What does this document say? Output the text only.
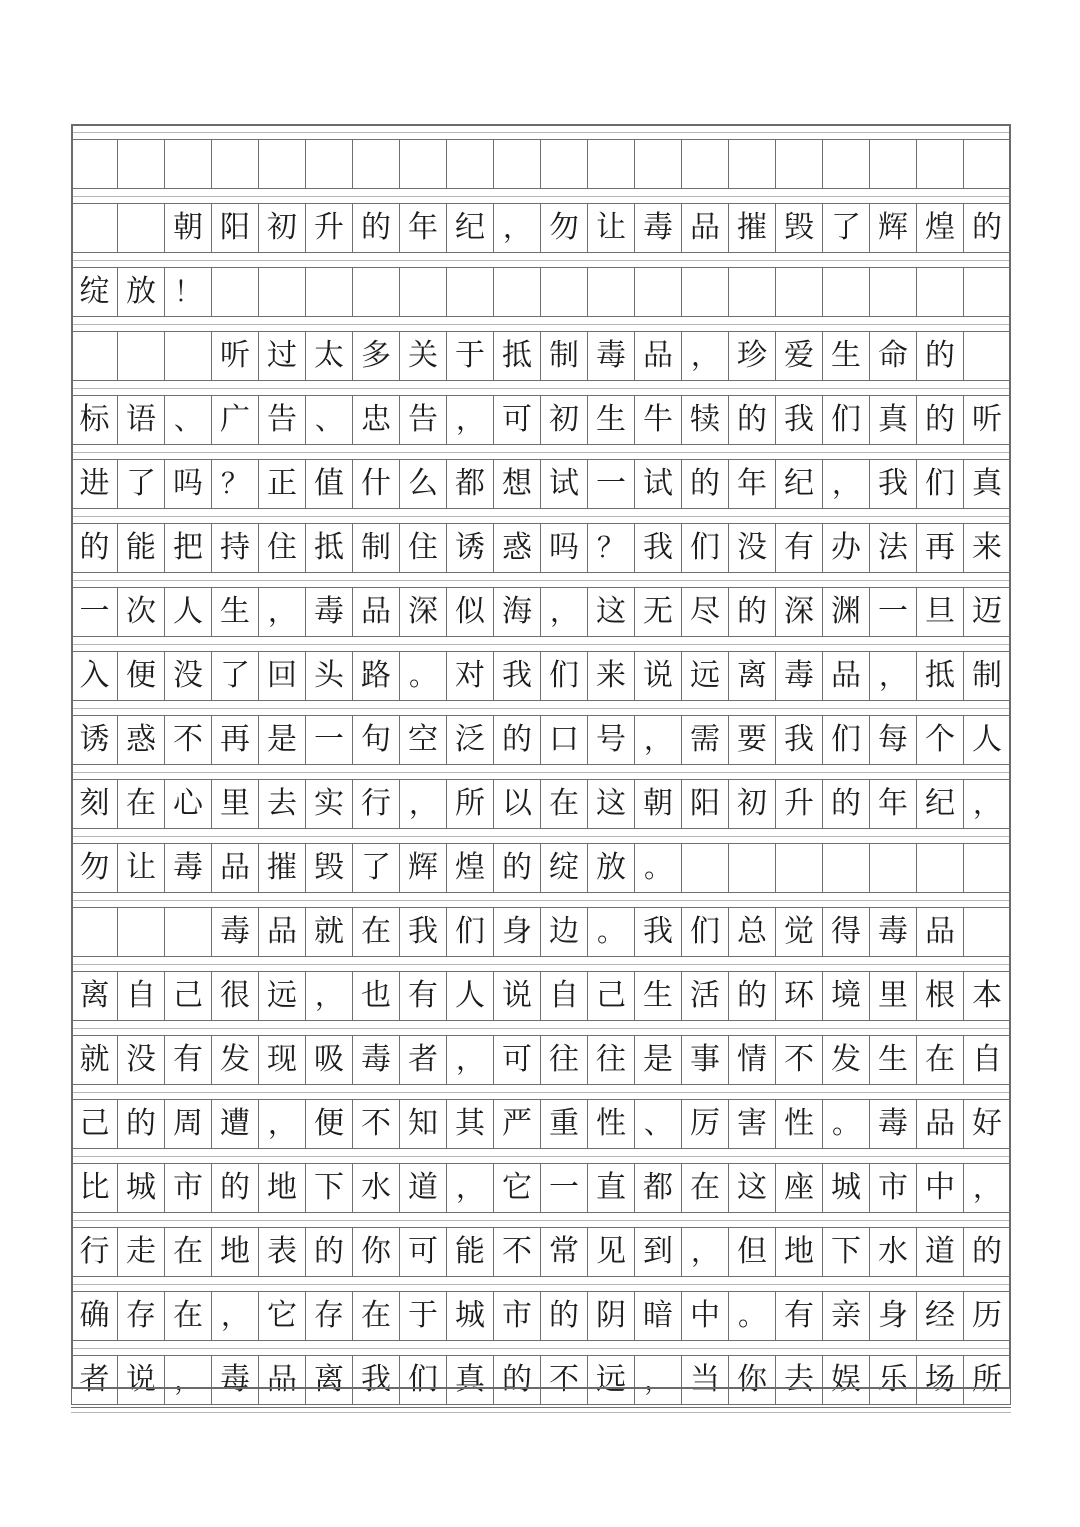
朝 阳 初 升 的 年 纪 ， 勿 让 毒 品 摧 毁 了 辉 煌 的
绽 放 ！
听 过 太 多 关 于 抵 制 毒 品 ， 珍 爱 生 命 的
标 语 、 广 告 、 忠 告 ， 可 初 生 牛 犊 的 我 们 真 的 听
进 了 吗 ？ 正 值 什 么 都 想 试 一 试 的 年 纪 ， 我 们 真
的 能 把 持 住 抵 制 住 诱 惑 吗 ？ 我 们 没 有 办 法 再 来
一 次 人 生 ， 毒 品 深 似 海 ， 这 无 尽 的 深 渊 一 旦 迈
入 便 没 了 回 头 路 。 对 我 们 来 说 远 离 毒 品 ， 抵 制
诱 惑 不 再 是 一 句 空 泛 的 口 号 ， 需 要 我 们 每 个 人
刻 在 心 里 去 实 行 ， 所 以 在 这 朝 阳 初 升 的 年 纪 ，
勿 让 毒 品 摧 毁 了 辉 煌 的 绽 放 。
毒 品 就 在 我 们 身 边 。 我 们 总 觉 得 毒 品
离 自 己 很 远 ， 也 有 人 说 自 己 生 活 的 环 境 里 根 本
就 没 有 发 现 吸 毒 者 ， 可 往 往 是 事 情 不 发 生 在 自
己 的 周 遭 ， 便 不 知 其 严 重 性 、 厉 害 性 。 毒 品 好
比 城 市 的 地 下 水 道 ， 它 一 直 都 在 这 座 城 市 中 ，
行 走 在 地 表 的 你 可 能 不 常 见 到 ， 但 地 下 水 道 的
确 存 在 ， 它 存 在 于 城 市 的 阴 暗 中 。 有 亲 身 经 历
者 说 ， 毒 品 离 我 们 真 的 不 远 ， 当 你 去 娱 乐 场 所
